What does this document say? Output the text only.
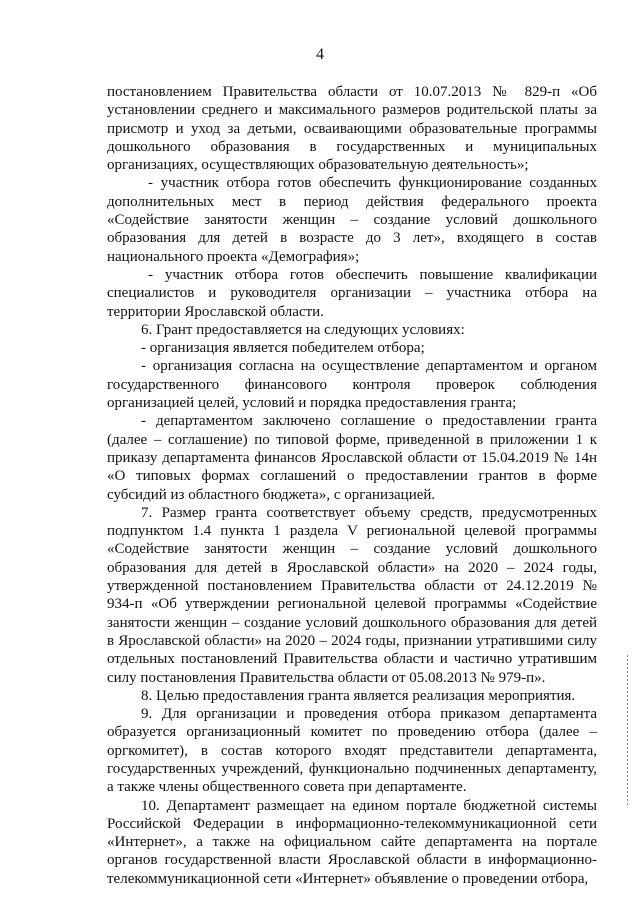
4

постановлением Правительства области от 10.07.2013 № 829-п «Об установлении среднего и максимального размеров родительской платы за присмотр и уход за детьми, осваивающими образовательные программы дошкольного образования в государственных и муниципальных организациях, осуществляющих образовательную деятельность»;

- участник отбора готов обеспечить функционирование созданных дополнительных мест в период действия федерального проекта «Содействие занятости женщин – создание условий дошкольного образования для детей в возрасте до 3 лет», входящего в состав национального проекта «Демография»;

- участник отбора готов обеспечить повышение квалификации специалистов и руководителя организации – участника отбора на территории Ярославской области.

6. Грант предоставляется на следующих условиях:

- организация является победителем отбора;

- организация согласна на осуществление департаментом и органом государственного финансового контроля проверок соблюдения организацией целей, условий и порядка предоставления гранта;

- департаментом заключено соглашение о предоставлении гранта (далее – соглашение) по типовой форме, приведенной в приложении 1 к приказу департамента финансов Ярославской области от 15.04.2019 № 14н «О типовых формах соглашений о предоставлении грантов в форме субсидий из областного бюджета», с организацией.

7. Размер гранта соответствует объему средств, предусмотренных подпунктом 1.4 пункта 1 раздела V региональной целевой программы «Содействие занятости женщин – создание условий дошкольного образования для детей в Ярославской области» на 2020 – 2024 годы, утвержденной постановлением Правительства области от 24.12.2019 № 934-п «Об утверждении региональной целевой программы «Содействие занятости женщин – создание условий дошкольного образования для детей в Ярославской области» на 2020 – 2024 годы, признании утратившими силу отдельных постановлений Правительства области и частично утратившим силу постановления Правительства области от 05.08.2013 № 979-п».

8. Целью предоставления гранта является реализация мероприятия.

9. Для организации и проведения отбора приказом департамента образуется организационный комитет по проведению отбора (далее – оргкомитет), в состав которого входят представители департамента, государственных учреждений, функционально подчиненных департаменту, а также члены общественного совета при департаменте.

10. Департамент размещает на едином портале бюджетной системы Российской Федерации в информационно-телекоммуникационной сети «Интернет», а также на официальном сайте департамента на портале органов государственной власти Ярославской области в информационно-телекоммуникационной сети «Интернет» объявление о проведении отбора,
